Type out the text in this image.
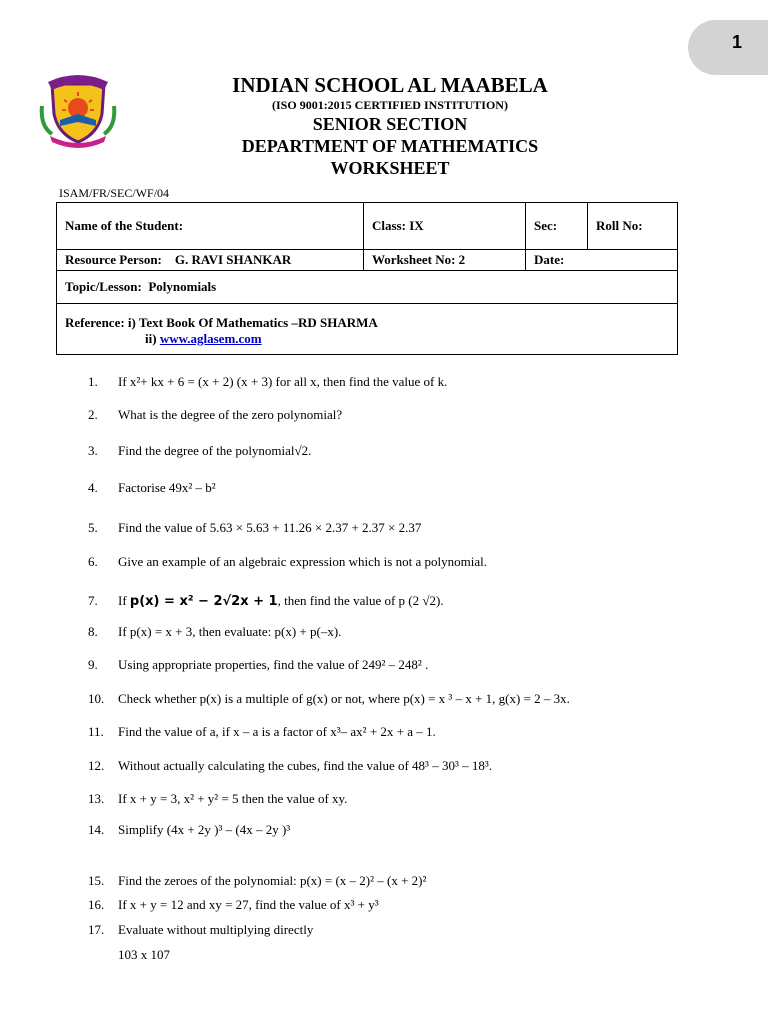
1
INDIAN SCHOOL AL MAABELA
(ISO 9001:2015 CERTIFIED INSTITUTION)
SENIOR SECTION
DEPARTMENT OF MATHEMATICS
WORKSHEET
ISAM/FR/SEC/WF/04
Name of the Student:	Class: IX	Sec:	Roll No:
Resource Person: G. RAVI SHANKAR	Worksheet No: 2	Date:	
Topic/Lesson: Polynomials			

Reference: i) Text Book Of Mathematics –RD SHARMA
ii) www.aglasem.com			
1. If x²+ kx + 6 = (x + 2) (x + 3) for all x, then find the value of k.
2. What is the degree of the zero polynomial?
3. Find the degree of the polynomial√2.
4. Factorise 49x² – b²
5. Find the value of 5.63 × 5.63 + 11.26 × 2.37 + 2.37 × 2.37
6. Give an example of an algebraic expression which is not a polynomial.
7. If p(x) = x² − 2√2x + 1, then find the value of p (2 √2).
8. If p(x) = x + 3, then evaluate: p(x) + p(–x).
9. Using appropriate properties, find the value of 249² – 248² .
10. Check whether p(x) is a multiple of g(x) or not, where p(x) = x ³ – x + 1, g(x) = 2 – 3x.
11. Find the value of a, if x – a is a factor of x³– ax² + 2x + a – 1.
12. Without actually calculating the cubes, find the value of 48³ – 30³ – 18³.
13.If x + y = 3, x² + y² = 5 then the value of xy.
14. Simplify (4x + 2y )³ – (4x – 2y )³
15. Find the zeroes of the polynomial: p(x) = (x – 2)² – (x + 2)²
16. If x + y = 12 and xy = 27, find the value of x³ + y³
17. Evaluate without multiplying directly
103 x 107
